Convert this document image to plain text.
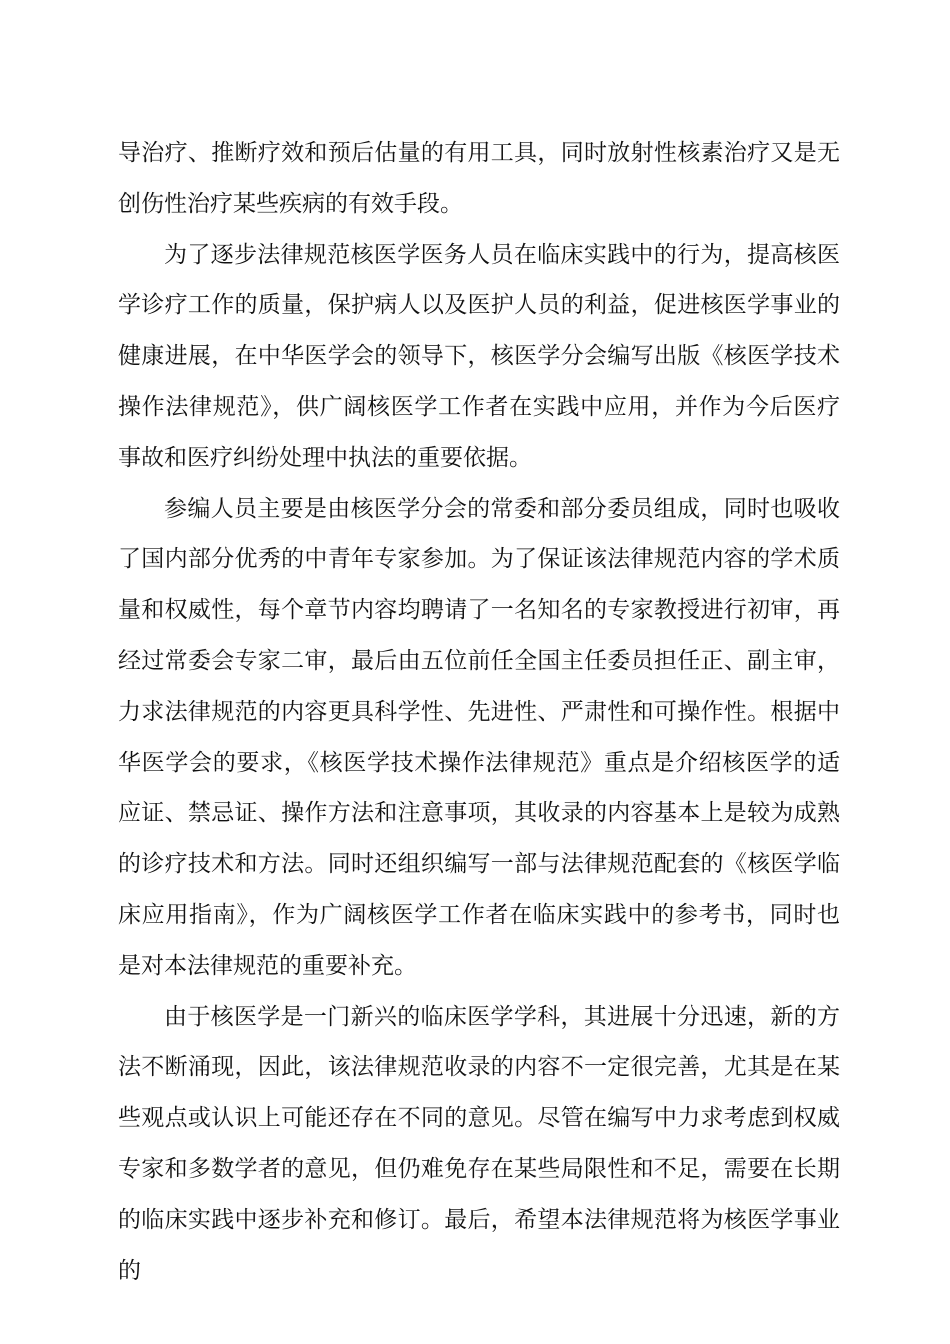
导治疗、推断疗效和预后估量的有用工具，同时放射性核素治疗又是无创伤性治疗某些疾病的有效手段。

为了逐步法律规范核医学医务人员在临床实践中的行为，提高核医学诊疗工作的质量，保护病人以及医护人员的利益，促进核医学事业的健康进展，在中华医学会的领导下，核医学分会编写出版《核医学技术操作法律规范》，供广阔核医学工作者在实践中应用，并作为今后医疗事故和医疗纠纷处理中执法的重要依据。

参编人员主要是由核医学分会的常委和部分委员组成，同时也吸收了国内部分优秀的中青年专家参加。为了保证该法律规范内容的学术质量和权威性，每个章节内容均聘请了一名知名的专家教授进行初审，再经过常委会专家二审，最后由五位前任全国主任委员担任正、副主审，力求法律规范的内容更具科学性、先进性、严肃性和可操作性。根据中华医学会的要求，《核医学技术操作法律规范》重点是介绍核医学的适应证、禁忌证、操作方法和注意事项，其收录的内容基本上是较为成熟的诊疗技术和方法。同时还组织编写一部与法律规范配套的《核医学临床应用指南》，作为广阔核医学工作者在临床实践中的参考书，同时也是对本法律规范的重要补充。

由于核医学是一门新兴的临床医学学科，其进展十分迅速，新的方法不断涌现，因此，该法律规范收录的内容不一定很完善，尤其是在某些观点或认识上可能还存在不同的意见。尽管在编写中力求考虑到权威专家和多数学者的意见，但仍难免存在某些局限性和不足，需要在长期的临床实践中逐步补充和修订。最后，希望本法律规范将为核医学事业的
